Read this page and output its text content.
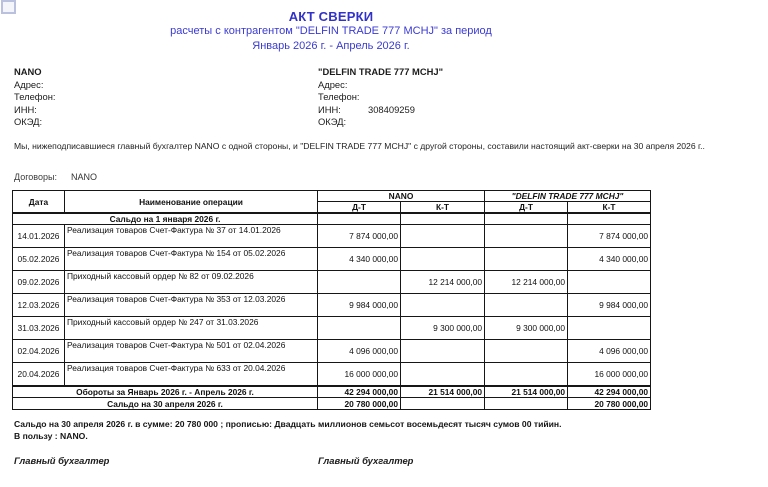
АКТ СВЕРКИ
расчеты с контрагентом "DELFIN TRADE 777 MCHJ" за период
Январь 2026 г. - Апрель 2026 г.
NANO
Адрес:
Телефон:
ИНН:
ОКЭД:
"DELFIN TRADE 777 MCHJ"
Адрес:
Телефон:
ИНН:	308409259
ОКЭД:
Мы, нижеподписавшиеся главный бухгалтер NANO с одной стороны, и "DELFIN TRADE 777 MCHJ" с другой стороны, составили настоящий акт-сверки на 30 апреля 2026 г..
Договоры: NANO
Дата	Наименование операции	NANO		"DELFIN TRADE 777 MCHJ"	
		Д-Т	К-Т	Д-Т	К-Т
Сальдо на 1 января 2026 г.					
14.01.2026	Реализация товаров Счет-Фактура № 37 от 14.01.2026	7 874 000,00			7 874 000,00
05.02.2026	Реализация товаров Счет-Фактура № 154 от 05.02.2026	4 340 000,00			4 340 000,00
09.02.2026	Приходный кассовый ордер № 82 от 09.02.2026		12 214 000,00	12 214 000,00	
12.03.2026	Реализация товаров Счет-Фактура № 353 от 12.03.2026	9 984 000,00			9 984 000,00
31.03.2026	Приходный кассовый ордер № 247 от 31.03.2026		9 300 000,00	9 300 000,00	
02.04.2026	Реализация товаров Счет-Фактура № 501 от 02.04.2026	4 096 000,00			4 096 000,00
20.04.2026	Реализация товаров Счет-Фактура № 633 от 20.04.2026	16 000 000,00			16 000 000,00
Обороты за Январь 2026 г. - Апрель 2026 г.		42 294 000,00	21 514 000,00	21 514 000,00	42 294 000,00
Сальдо на 30 апреля 2026 г.		20 780 000,00			20 780 000,00
Сальдо на 30 апреля 2026 г. в сумме: 20 780 000 ; прописью: Двадцать миллионов семьсот восемьдесят тысяч сумов 00 тийин.
В пользу : NANO.
Главный бухгалтер	Главный бухгалтер
